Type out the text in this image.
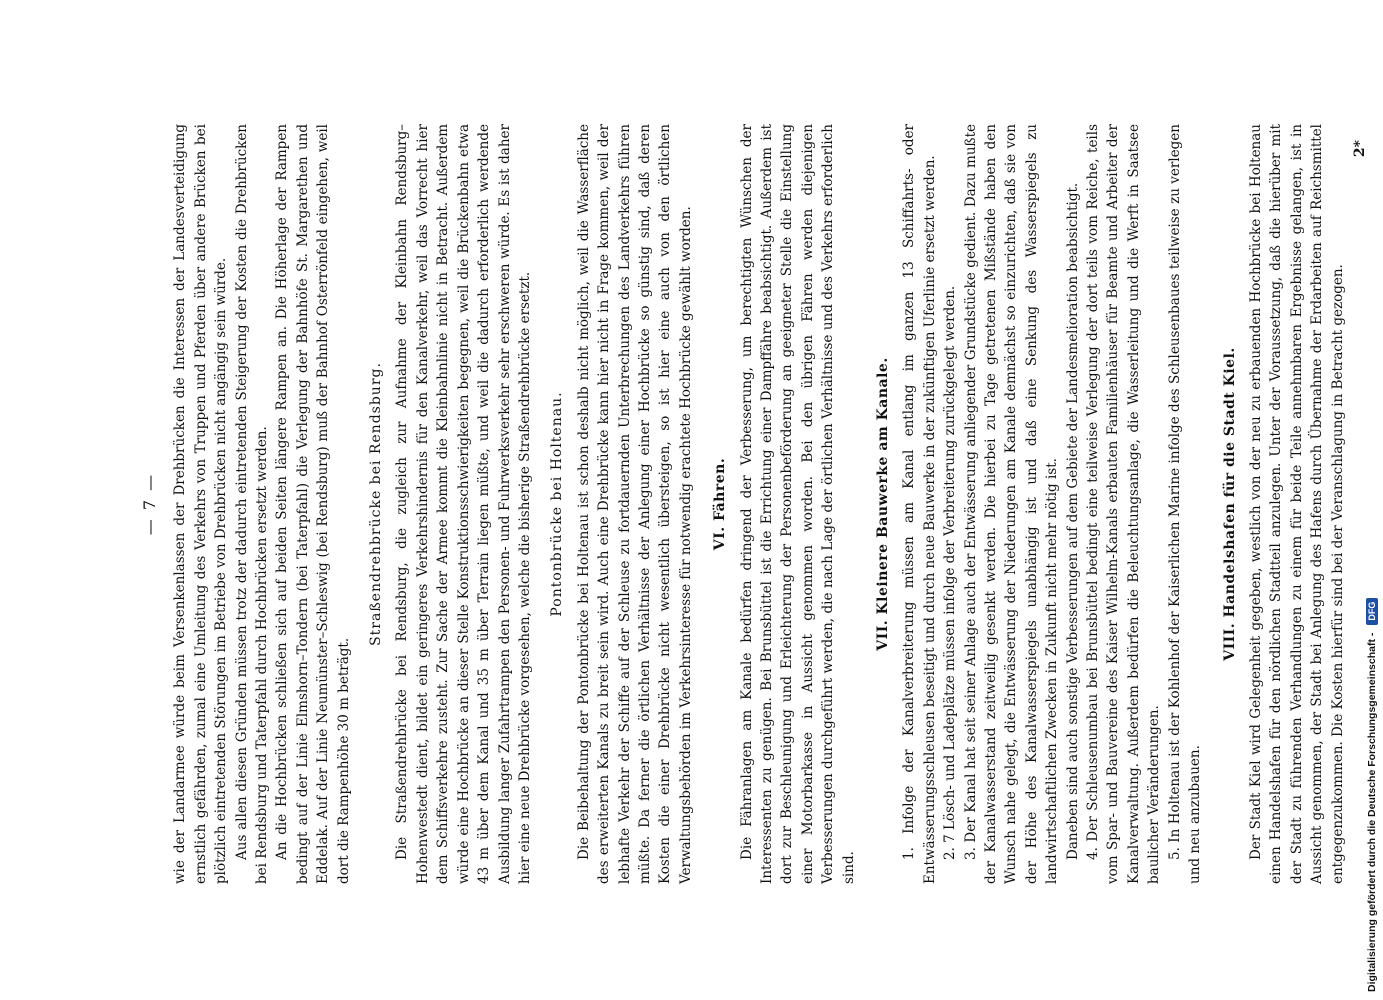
— 7 — wie der Landarmee würde beim Versenkenlassen der Drehbrücken die Interessen der Landesverteidigung ernstlich gefährden, zumal eine Umleitung des Verkehrs von Truppen und Pferden über andere Brücken bei plötzlich eintretenden Störungen im Betriebe von Drehbrücken nicht angängig sein würde. Aus allen diesen Gründen müssen trotz der dadurch eintretenden Steigerung der Kosten die Drehbrücken bei Rendsburg und Taterpfahl durch Hochbrücken ersetzt werden. An die Hochbrücken schließen sich auf beiden Seiten längere Rampen an. Die Höherlage der Rampen bedingt auf der Linie Elmshorn–Tondern (bei Taterpfahl) die Verlegung der Bahnhöfe St. Margarethen und Eddelak. Auf der Linie Neumünster–Schleswig (bei Rendsburg) muß der Bahnhof Osterrönfeld eingehen, weil dort die Rampenhöhe 30 m beträgt.

Straßendrehbrücke bei Rendsburg. Die Straßendrehbrücke bei Rendsburg, die zugleich zur Aufnahme der Kleinbahn Rendsburg–Hohenwestedt dient, bildet ein geringeres Verkehrshindernis für den Kanalverkehr, weil das Vorrecht hier dem Schiffsverkehre zusteht. Zur Sache der Armee kommt die Kleinbahnlinie nicht in Betracht. Außerdem würde eine Hochbrücke an dieser Stelle Konstruktionsschwierigkeiten begegnen, weil die Brückenbahn etwa 43 m über dem Kanal und 35 m über Terrain liegen müßte, und weil die dadurch erforderlich werdende Ausbildung langer Zufahrtrampen den Personen- und Fuhrwerksverkehr sehr erschweren würde. Es ist daher hier eine neue Drehbrücke vorgesehen, welche die bisherige Straßendrehbrücke ersetzt. Pontonbrücke bei Holtenau. Die Beibehaltung der Pontonbrücke bei Holtenau ist schon deshalb nicht möglich, weil die Wasserfläche des erweiterten Kanals zu breit sein wird. Auch eine Drehbrücke kann hier nicht in Frage kommen, weil der lebhafte Verkehr der Schiffe auf der Schleuse zu fortdauernden Unterbrechungen des Landverkehrs führen müßte. Da ferner die örtlichen Verhältnisse der Anlegung einer Hochbrücke so günstig sind, daß deren Kosten die einer Drehbrücke nicht wesentlich übersteigen, so ist hier eine auch von den örtlichen Verwaltungsbehörden im Verkehrsinteresse für notwendig erachtete Hochbrücke gewählt worden. VI. Fähren. Die Fähranlagen am Kanale bedürfen dringend der Verbesserung, um berechtigten Wünschen der Interessenten zu genügen. Bei Brunsbüttel ist die Errichtung einer Dampffähre beabsichtigt. Außerdem ist dort zur Beschleunigung und Erleichterung der Personenbeförderung an geeigneter Stelle die Einstellung einer Motorbarkasse in Aussicht genommen worden. Bei den übrigen Fähren werden diejenigen Verbesserungen durchgeführt werden, die nach Lage der örtlichen Verhältnisse und des Verkehrs erforderlich sind.

VII. Kleinere Bauwerke am Kanale. 1. Infolge der Kanalverbreiterung müssen am Kanal entlang im ganzen 13 Schiffahrts- oder Entwässerungsschleusen beseitigt und durch neue Bauwerke in der zukünftigen Uferlinie ersetzt werden. 2. 7 Lösch- und Ladeplätze müssen infolge der Verbreiterung zurückgelegt werden. 3. Der Kanal hat seit seiner Anlage auch der Entwässerung anliegender Grundstücke gedient. Dazu mußte der Kanalwasserstand zeitweilig gesenkt werden. Die hierbei zu Tage getretenen Mißstände haben den Wunsch nahe gelegt, die Entwässerung der Niederungen am Kanale demnächst so einzurichten, daß sie von der Höhe des Kanalwasserspiegels unabhängig ist und daß eine Senkung des Wasserspiegels zu landwirtschaftlichen Zwecken in Zukunft nicht mehr nötig ist. Daneben sind auch sonstige Verbesserungen auf dem Gebiete der Landesmelioration beabsichtigt. 4. Der Schleusenumbau bei Brunsbüttel bedingt eine teilweise Verlegung der dort teils vom Reiche, teils vom Spar- und Bauvereine des Kaiser Wilhelm-Kanals erbauten Familienhäuser für Beamte und Arbeiter der Kanalverwaltung. Außerdem bedürfen die Beleuchtungsanlage, die Wasserleitung und die Werft in Saatsee baulicher Veränderungen. 5. In Holtenau ist der Kohlenhof der Kaiserlichen Marine infolge des Schleusenbaues teilweise zu verlegen und neu anzubauen.

VIII. Handelshafen für die Stadt Kiel. Der Stadt Kiel wird Gelegenheit gegeben, westlich von der neu zu erbauenden Hochbrücke bei Holtenau einen Handelshafen für den nördlichen Stadtteil anzulegen. Unter der Voraussetzung, daß die hierüber mit der Stadt zu führenden Verhandlungen zu einem für beide Teile annehmbaren Ergebnisse gelangen, ist in Aussicht genommen, der Stadt bei Anlegung des Hafens durch Übernahme der Erdarbeiten auf Reichsmittel entgegenzukommen. Die Kosten hierfür sind bei der Veranschlagung in Betracht gezogen.

2*
Digitalisierung gefördert durch die Deutsche Forschungsgemeinschaft -
DFG
